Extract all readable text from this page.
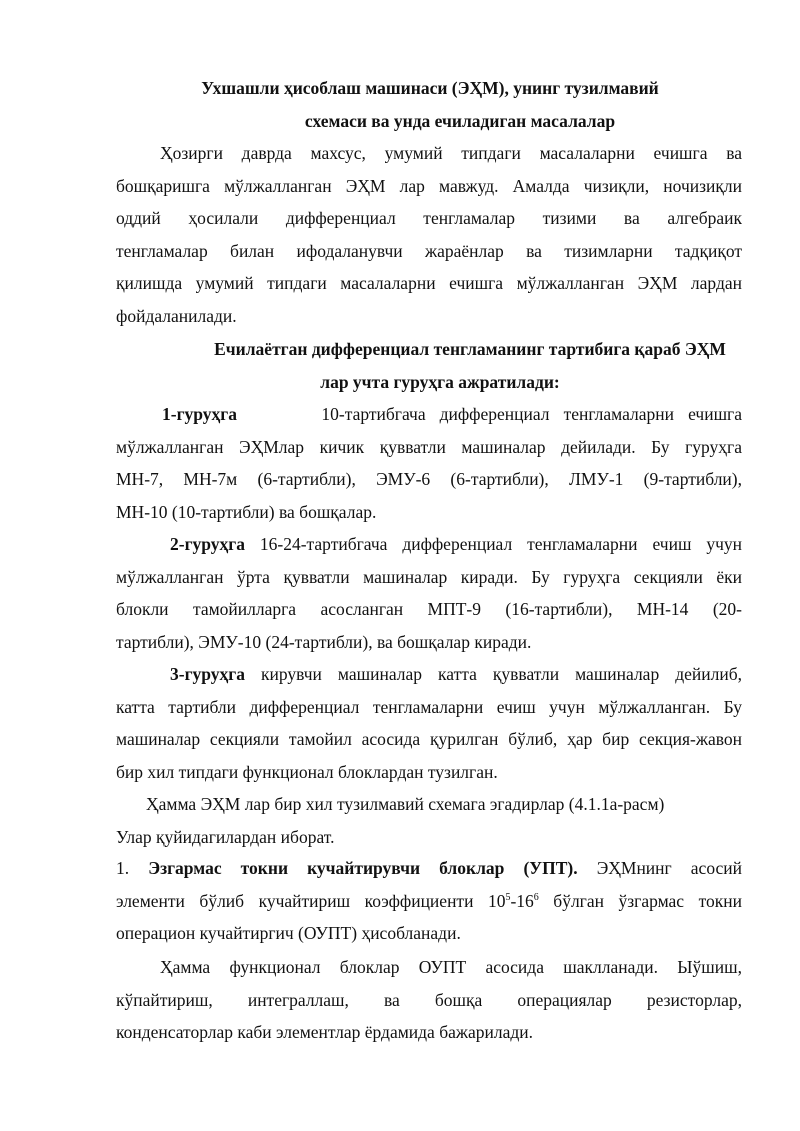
Ухшашли ҳисоблаш машинаси (ЭҲМ), унинг тузилмавий
схемаси ва унда ечиладиган масалалар
Ҳозирги даврда махсус, умумий типдаги масалаларни ечишга ва
бошқаришга мўлжалланган ЭҲМ лар мавжуд. Амалда чизиқли, ночизиқли
оддий ҳосилали дифференциал тенгламалар тизими ва алгебраик
тенгламалар билан ифодаланувчи жараёнлар ва тизимларни тадқиқот
қилишда умумий типдаги масалаларни ечишга мўлжалланган ЭҲМ лардан
фойдаланилади.
Ечилаётган дифференциал тенгламанинг тартибига қараб ЭҲМ
лар учта гуруҳга ажратилади:
1-гуруҳга	10-тартибгача дифференциал тенгламаларни ечишга
мўлжалланган ЭҲМлар кичик қувватли машиналар дейилади. Бу гуруҳга
МН-7, МН-7м (6-тартибли), ЭМУ-6 (6-тартибли), ЛМУ-1 (9-тартибли),
МН-10 (10-тартибли) ва бошқалар.
2-гуруҳга 16-24-тартибгача дифференциал тенгламаларни ечиш учун
мўлжалланган ўрта қувватли машиналар киради. Бу гуруҳга секцияли ёки
блокли тамойилларга асосланган МПТ-9 (16-тартибли), МН-14 (20-
тартибли), ЭМУ-10 (24-тартибли), ва бошқалар киради.
3-гуруҳга кирувчи машиналар катта қувватли машиналар дейилиб,
катта тартибли дифференциал тенгламаларни ечиш учун мўлжалланган. Бу
машиналар секцияли тамойил асосида қурилган бўлиб, ҳар бир секция-жавон
бир хил типдаги функционал блоклардан тузилган.
Ҳамма ЭҲМ лар бир хил тузилмавий схемага эгадирлар (4.1.1а-расм)
Улар қуйидагилардан иборат.
1. Эзгармас токни кучайтирувчи блоклар (УПТ). ЭҲМнинг асосий
элементи бўлиб кучайтириш коэффициенти $10^5-16^6$ бўлган ўзгармас токни
операцион кучайтиргич (ОУПТ) ҳисобланади.
Ҳамма функционал блоклар ОУПТ асосида шаклланади. Ыўшиш,
кўпайтириш, интеграллаш, ва бошқа операциялар резисторлар,
конденсаторлар каби элементлар ёрдамида бажарилади.
